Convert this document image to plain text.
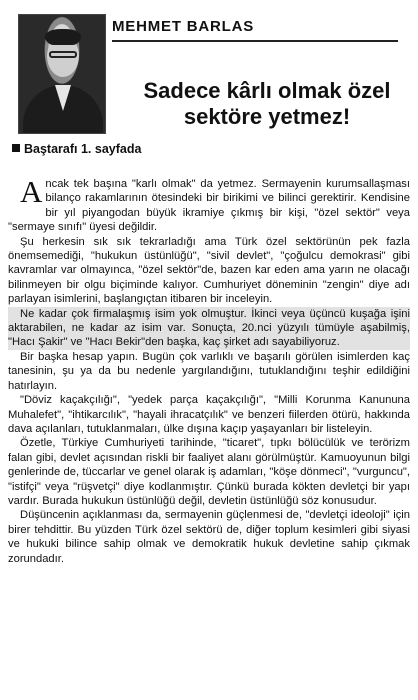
MEHMET BARLAS
Sadece kârlı olmak özel
sektöre yetmez!
Baştarafı 1. sayfada

Ancak tek başına "karlı olmak" da yetmez. Sermayenin kurumsallaşması bilanço rakamlarının ötesindeki bir birikimi ve bilinci gerektirir. Kendisine bir yıl piyangodan büyük ikramiye çıkmış bir kişi, "özel sektör" veya "sermaye sınıfı" üyesi değildir.

Şu herkesin sık sık tekrarladığı ama Türk özel sektörünün pek fazla önemsemediği, "hukukun üstünlüğü", "sivil devlet", "çoğulcu demokrasi" gibi kavramlar var olmayınca, "özel sektör"de, bazen kar eden ama yarın ne olacağı bilinmeyen bir olgu biçiminde kalıyor. Cumhuriyet döneminin "zengin" diye adı parlayan isimlerini, başlangıçtan itibaren bir inceleyin.

Ne kadar çok firmalaşmış isim yok olmuştur. İkinci veya üçüncü kuşağa işini aktarabilen, ne kadar az isim var. Sonuçta, 20.nci yüzyılı tümüyle aşabilmiş, "Hacı Şakir" ve "Hacı Bekir"den başka, kaç şirket adı sayabiliyoruz.

Bir başka hesap yapın. Bugün çok varlıklı ve başarılı görülen isimlerden kaç tanesinin, şu ya da bu nedenle yargılandığını, tutuklandığını teşhir edildiğini hatırlayın.

"Döviz kaçakçılığı", "yedek parça kaçakçılığı", "Milli Korunma Kanununa Muhalefet", "ihtikarcılık", "hayali ihracatçılık" ve benzeri fiilerden ötürü, hakkında dava açılanları, tutuklanmaları, ülke dışına kaçıp yaşayanları bir listeleyin.

Özetle, Türkiye Cumhuriyeti tarihinde, "ticaret", tıpkı bölücülük ve terörizm falan gibi, devlet açısından riskli bir faaliyet alanı görülmüştür. Kamuoyunun bilgi genlerinde de, tüccarlar ve genel olarak iş adamları, "köşe dönmeci", "vurguncu", "istifçi" veya "rüşvetçi" diye kodlanmıştır. Çünkü burada kökten devletçi bir yapı vardır. Burada hukukun üstünlüğü değil, devletin üstünlüğü söz konusudur.

Düşüncenin açıklanması da, sermayenin güçlenmesi de, "devletçi ideoloji" için birer tehdittir. Bu yüzden Türk özel sektörü de, diğer toplum kesimleri gibi siyasi ve hukuki bilince sahip olmak ve demokratik hukuk devletine sahip çıkmak zorundadır.
